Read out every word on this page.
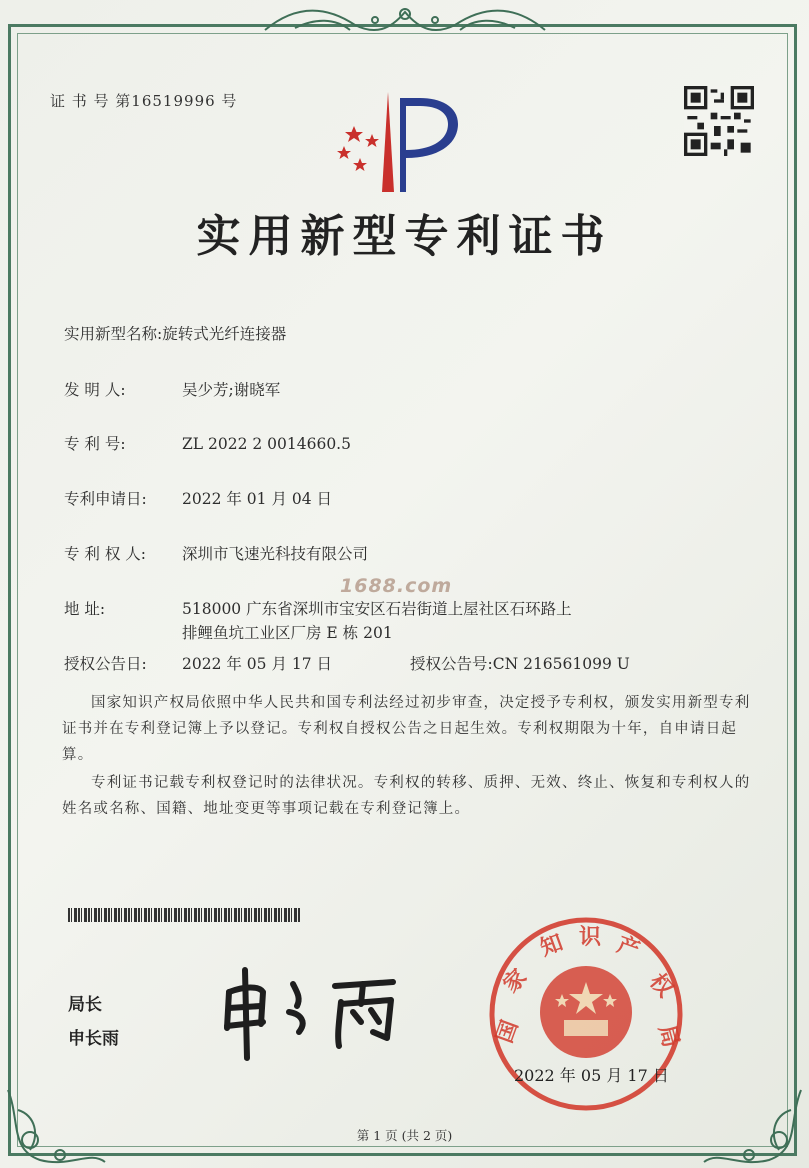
证 书 号 第16519996 号
实用新型专利证书
实用新型名称:旋转式光纤连接器
发 明 人:	吴少芳;谢晓军
专 利 号:	ZL 2022 2 0014660.5
专利申请日: 2022 年 01 月 04 日
专 利 权 人: 深圳市飞速光科技有限公司
地 址:	518000 广东省深圳市宝安区石岩街道上屋社区石环路上
排鲤鱼坑工业区厂房 E 栋 201
授权公告日: 2022 年 05 月 17 日	授权公告号:CN 216561099 U
1688.com
国家知识产权局依照中华人民共和国专利法经过初步审查，决定授予专利权，颁发实用新型专利证书并在专利登记簿上予以登记。专利权自授权公告之日起生效。专利权期限为十年，自申请日起算。
专利证书记载专利权登记时的法律状况。专利权的转移、质押、无效、终止、恢复和专利权人的姓名或名称、国籍、地址变更等事项记载在专利登记簿上。
局长
申长雨	国
家
知 识 产
权
局
2022 年 05 月 17 日
第 1 页 (共 2 页)
